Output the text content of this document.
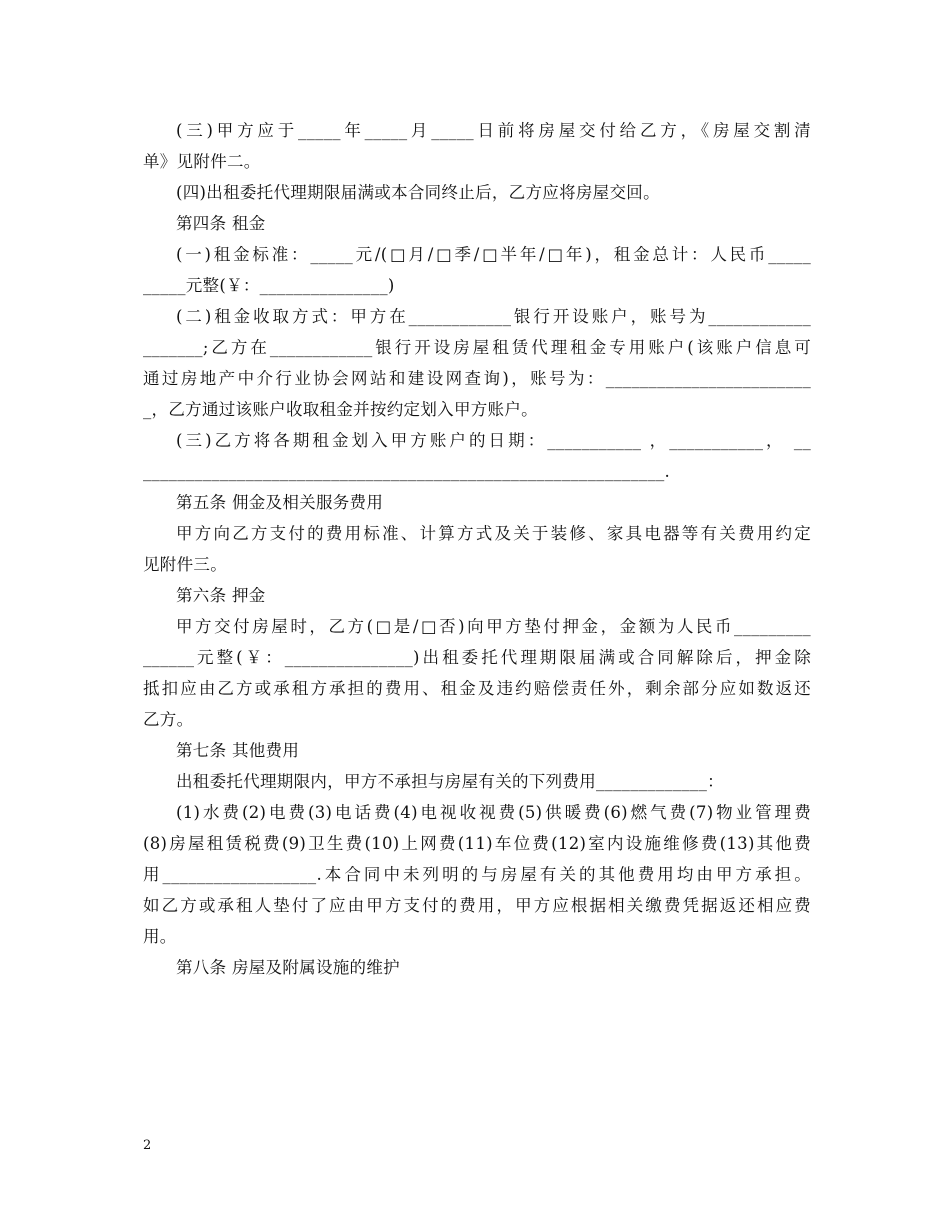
(三)甲方应于_____年_____月_____日前将房屋交付给乙方，《房屋交割清
单》见附件二。
(四)出租委托代理期限届满或本合同终止后，乙方应将房屋交回。
第四条 租金
(一)租金标准：_____元/(□月/□季/□半年/□年)，租金总计：人民币_____
_____元整(￥：_______________)
(二)租金收取方式：甲方在____________银行开设账户，账号为____________
_______;乙方在____________银行开设房屋租赁代理租金专用账户(该账户信息可
通过房地产中介行业协会网站和建设网查询)，账号为：________________________
_，乙方通过该账户收取租金并按约定划入甲方账户。
(三)乙方将各期租金划入甲方账户的日期：___________ ，___________， __
_____________________________________________________________.
第五条 佣金及相关服务费用
甲方向乙方支付的费用标准、计算方式及关于装修、家具电器等有关费用约定
见附件三。
第六条 押金
甲方交付房屋时，乙方(□是/□否)向甲方垫付押金，金额为人民币_________
______元整(￥：_______________)出租委托代理期限届满或合同解除后，押金除
抵扣应由乙方或承租方承担的费用、租金及违约赔偿责任外，剩余部分应如数返还
乙方。
第七条 其他费用
出租委托代理期限内，甲方不承担与房屋有关的下列费用_____________：
(1)水费(2)电费(3)电话费(4)电视收视费(5)供暖费(6)燃气费(7)物业管理费
(8)房屋租赁税费(9)卫生费(10)上网费(11)车位费(12)室内设施维修费(13)其他费
用__________________.本合同中未列明的与房屋有关的其他费用均由甲方承担。
如乙方或承租人垫付了应由甲方支付的费用，甲方应根据相关缴费凭据返还相应费
用。
第八条 房屋及附属设施的维护
2
